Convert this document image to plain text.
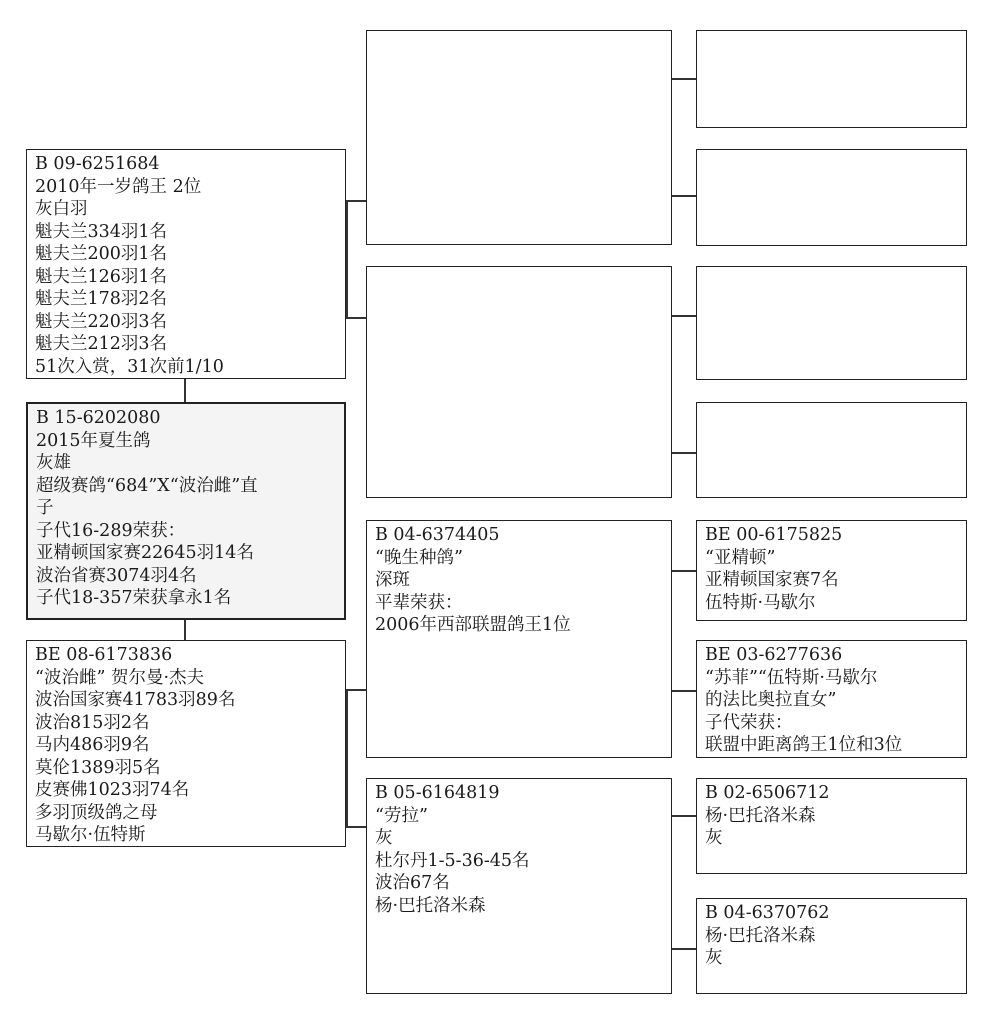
B 09-6251684
2010年一岁鸽王 2位
灰白羽
魁夫兰334羽1名
魁夫兰200羽1名
魁夫兰126羽1名
魁夫兰178羽2名
魁夫兰220羽3名
魁夫兰212羽3名
51次入赏，31次前1/10
B 15-6202080
2015年夏生鸽
灰雄
超级赛鸽“684”X“波治雌”直
子
子代16-289荣获：
亚精顿国家赛22645羽14名
波治省赛3074羽4名
子代18-357荣获拿永1名
BE 08-6173836
“波治雌” 贺尔曼·杰夫
波治国家赛41783羽89名
波治815羽2名
马内486羽9名
莫伦1389羽5名
皮赛佛1023羽74名
多羽顶级鸽之母
马歇尔·伍特斯
B 04-6374405
“晚生种鸽”
深斑
平辈荣获：
2006年西部联盟鸽王1位
B 05-6164819
“劳拉”
灰
杜尔丹1-5-36-45名
波治67名
杨·巴托洛米森
BE 00-6175825
“亚精顿”
亚精顿国家赛7名
伍特斯·马歇尔
BE 03-6277636
“苏菲”“伍特斯·马歇尔
的法比奥拉直女”
子代荣获：
联盟中距离鸽王1位和3位
B 02-6506712
杨·巴托洛米森
灰
B 04-6370762
杨·巴托洛米森
灰
